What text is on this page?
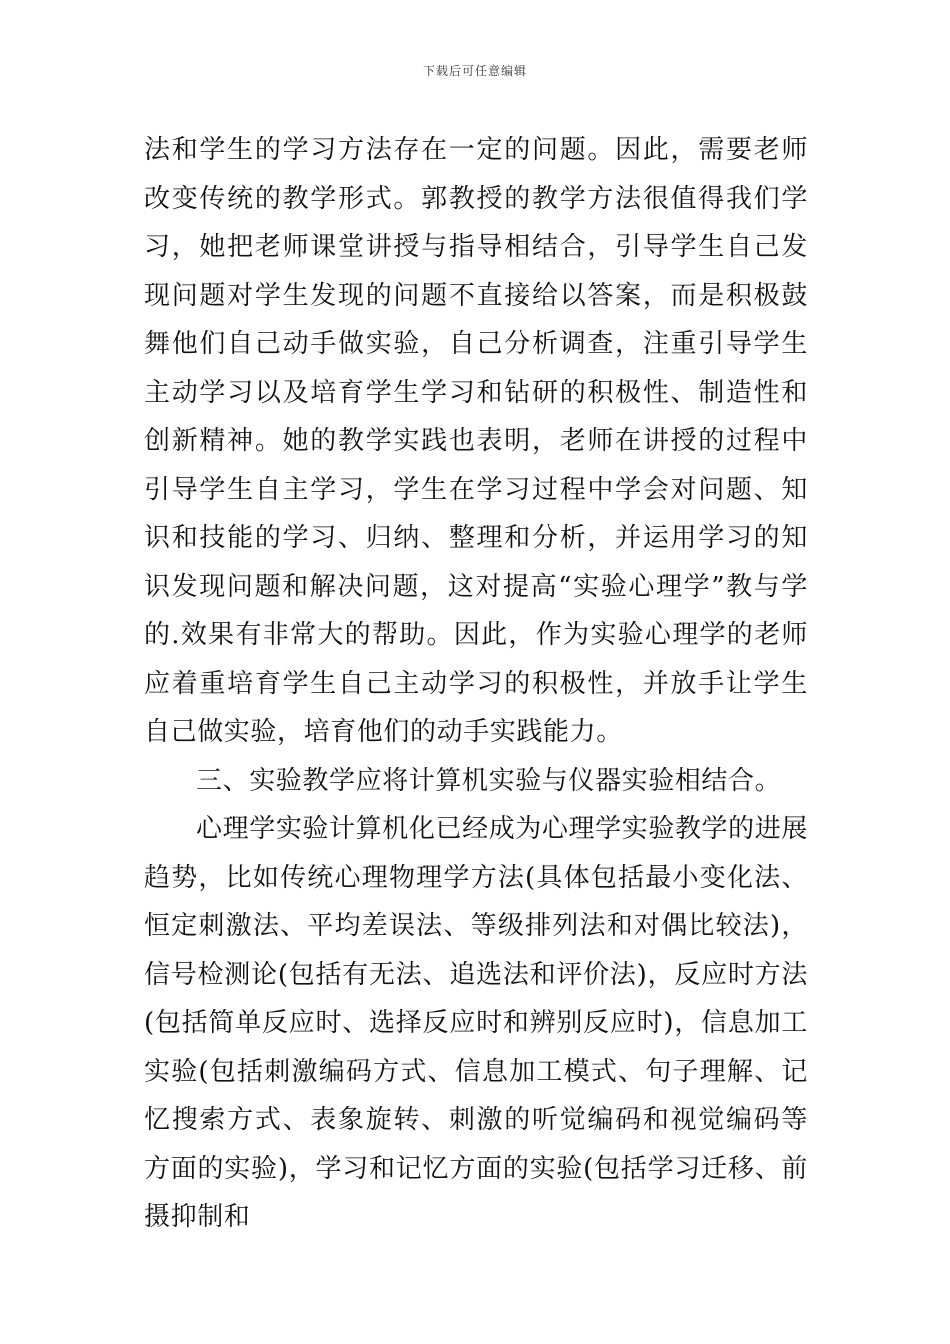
下载后可任意编辑

法和学生的学习方法存在一定的问题。因此，需要老师改变传统的教学形式。郭教授的教学方法很值得我们学习，她把老师课堂讲授与指导相结合，引导学生自己发现问题对学生发现的问题不直接给以答案，而是积极鼓舞他们自己动手做实验，自己分析调查，注重引导学生主动学习以及培育学生学习和钻研的积极性、制造性和创新精神。她的教学实践也表明，老师在讲授的过程中引导学生自主学习，学生在学习过程中学会对问题、知识和技能的学习、归纳、整理和分析，并运用学习的知识发现问题和解决问题，这对提高“实验心理学”教与学的.效果有非常大的帮助。因此，作为实验心理学的老师应着重培育学生自己主动学习的积极性，并放手让学生自己做实验，培育他们的动手实践能力。

三、实验教学应将计算机实验与仪器实验相结合。

心理学实验计算机化已经成为心理学实验教学的进展趋势，比如传统心理物理学方法(具体包括最小变化法、恒定刺激法、平均差误法、等级排列法和对偶比较法)，信号检测论(包括有无法、追选法和评价法)，反应时方法(包括简单反应时、选择反应时和辨别反应时)，信息加工实验(包括刺激编码方式、信息加工模式、句子理解、记忆搜索方式、表象旋转、刺激的听觉编码和视觉编码等方面的实验)，学习和记忆方面的实验(包括学习迁移、前摄抑制和
